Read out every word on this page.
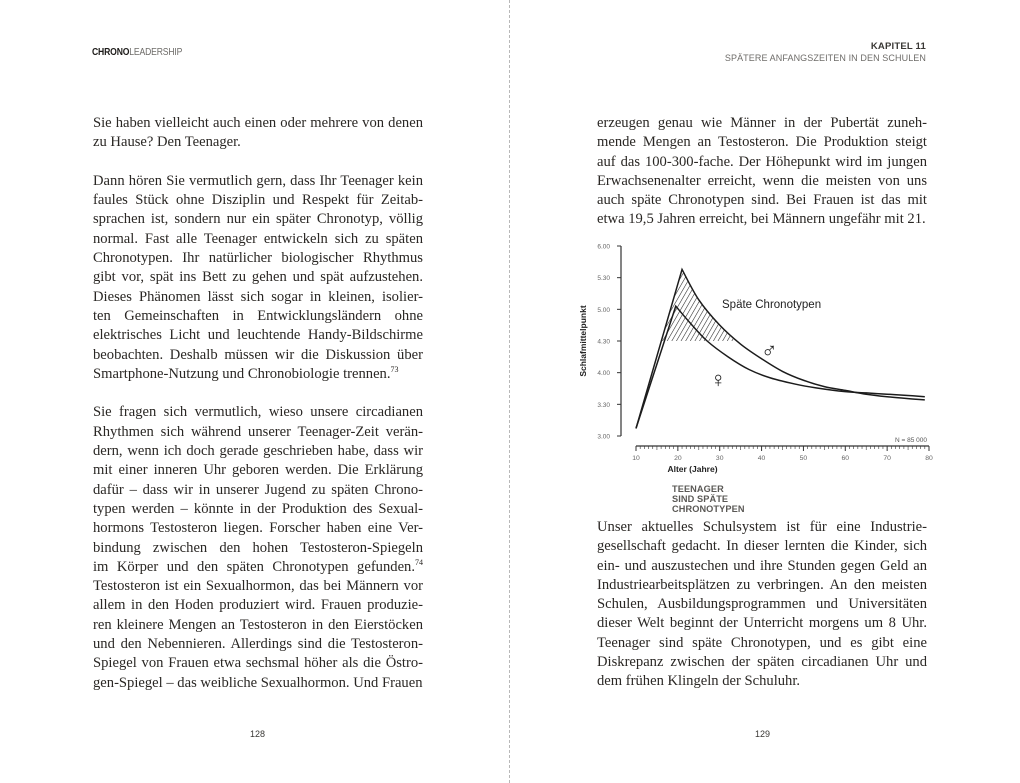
CHRONOLEADERSHIP

Sie haben vielleicht auch einen oder mehrere von denen
zu Hause? Den Teenager.

Dann hören Sie vermutlich gern, dass Ihr Teenager kein
faules Stück ohne Disziplin und Respekt für Zeitab-
sprachen ist, sondern nur ein später Chronotyp, völlig
normal. Fast alle Teenager entwickeln sich zu späten
Chronotypen. Ihr natürlicher biologischer Rhythmus
gibt vor, spät ins Bett zu gehen und spät aufzustehen.
Dieses Phänomen lässt sich sogar in kleinen, isolier-
ten Gemeinschaften in Entwicklungsländern ohne
elektrisches Licht und leuchtende Handy-Bildschirme
beobachten. Deshalb müssen wir die Diskussion über
Smartphone-Nutzung und Chronobiologie trennen.$^{73}$

Sie fragen sich vermutlich, wieso unsere circadianen
Rhythmen sich während unserer Teenager-Zeit verän-
dern, wenn ich doch gerade geschrieben habe, dass wir
mit einer inneren Uhr geboren werden. Die Erklärung
dafür – dass wir in unserer Jugend zu späten Chrono-
typen werden – könnte in der Produktion des Sexual-
hormons Testosteron liegen. Forscher haben eine Ver-
bindung zwischen den hohen Testosteron-Spiegeln
im Körper und den späten Chronotypen gefunden.$^{74}$
Testosteron ist ein Sexualhormon, das bei Männern vor
allem in den Hoden produziert wird. Frauen produzie-
ren kleinere Mengen an Testosteron in den Eierstöcken
und den Nebennieren. Allerdings sind die Testosteron-
Spiegel von Frauen etwa sechsmal höher als die Östro-
gen-Spiegel – das weibliche Sexualhormon. Und Frauen

128
KAPITEL 11
SPÄTERE ANFANGSZEITEN IN DEN SCHULEN

erzeugen genau wie Männer in der Pubertät zuneh-
mende Mengen an Testosteron. Die Produktion steigt
auf das 100-300-fache. Der Höhepunkt wird im jungen
Erwachsenenalter erreicht, wenn die meisten von uns
auch späte Chronotypen sind. Bei Frauen ist das mit
etwa 19,5 Jahren erreicht, bei Männern ungefähr mit 21.

6.00
5.30
5.00
4.30
4.00
3.30
3.00
Schlafmittelpunkt
10	20	30	40	50	60	70	80
Alter (Jahre)
N = 85 000
Späte Chronotypen
♂
♀
TEENAGER SIND SPÄTE CHRONOTYPEN

Unser aktuelles Schulsystem ist für eine Industrie-
gesellschaft gedacht. In dieser lernten die Kinder, sich
ein- und auszustechen und ihre Stunden gegen Geld an
Industriearbeitsplätzen zu verbringen. An den meisten
Schulen, Ausbildungsprogrammen und Universitäten
dieser Welt beginnt der Unterricht morgens um 8 Uhr.
Teenager sind späte Chronotypen, und es gibt eine
Diskrepanz zwischen der späten circadianen Uhr und
dem frühen Klingeln der Schuluhr.

129
